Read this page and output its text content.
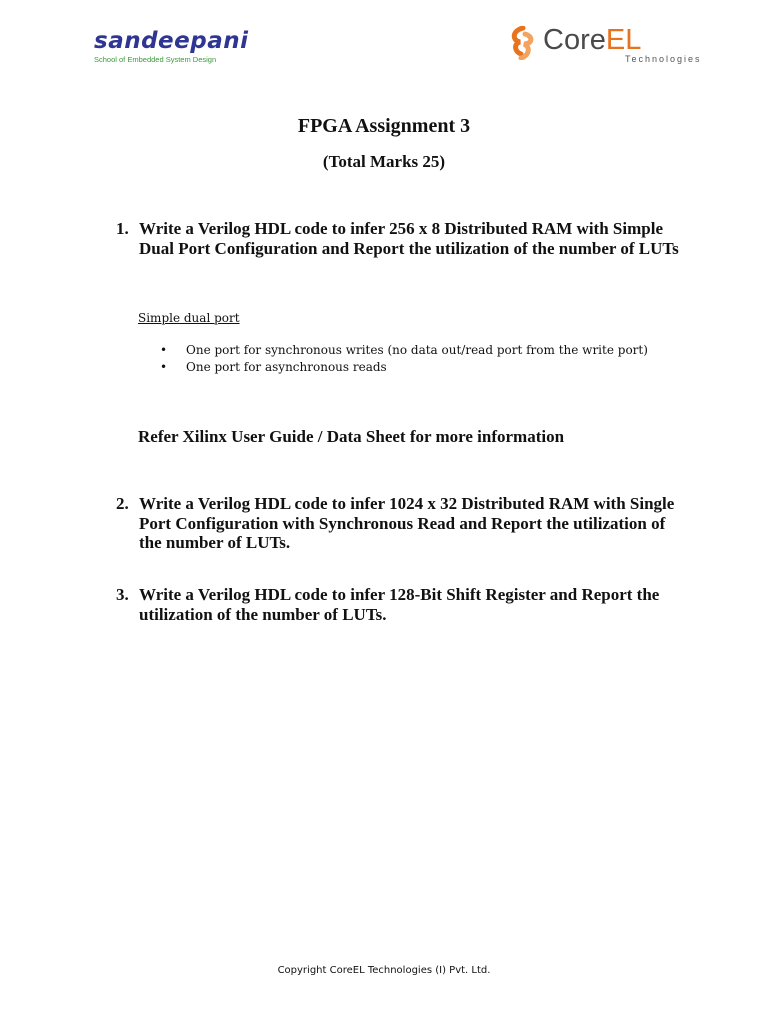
sandeepani
School of Embedded System Design
CoreEL
Technologies
FPGA Assignment 3
(Total Marks 25)
1. Write a Verilog HDL code to infer 256 x 8 Distributed RAM with Simple Dual Port Configuration and Report the utilization of the number of LUTs
Simple dual port
• One port for synchronous writes (no data out/read port from the write port)
• One port for asynchronous reads
Refer Xilinx User Guide / Data Sheet for more information
2. Write a Verilog HDL code to infer 1024 x 32 Distributed RAM with Single Port Configuration with Synchronous Read and Report the utilization of the number of LUTs.
3. Write a Verilog HDL code to infer 128-Bit Shift Register and Report the utilization of the number of LUTs.
Copyright CoreEL Technologies (I) Pvt. Ltd.
